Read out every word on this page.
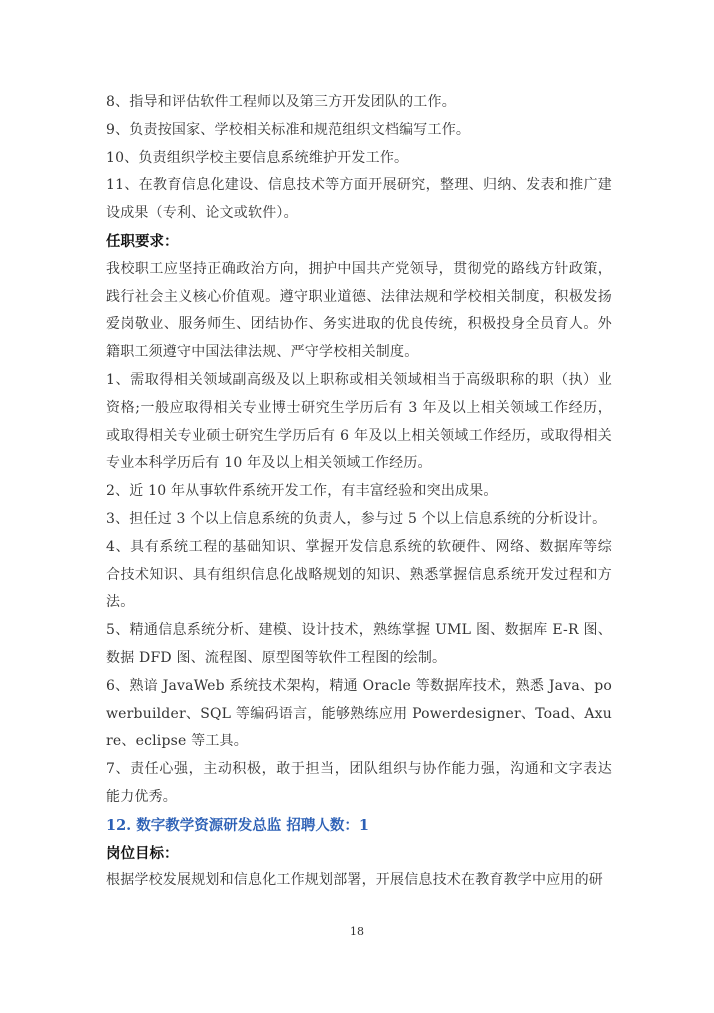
8、指导和评估软件工程师以及第三方开发团队的工作。

9、负责按国家、学校相关标准和规范组织文档编写工作。

10、负责组织学校主要信息系统维护开发工作。

11、在教育信息化建设、信息技术等方面开展研究，整理、归纳、发表和推广建设成果（专利、论文或软件）。

任职要求：

我校职工应坚持正确政治方向，拥护中国共产党领导，贯彻党的路线方针政策，践行社会主义核心价值观。遵守职业道德、法律法规和学校相关制度，积极发扬爱岗敬业、服务师生、团结协作、务实进取的优良传统，积极投身全员育人。外籍职工须遵守中国法律法规、严守学校相关制度。

1、需取得相关领域副高级及以上职称或相关领域相当于高级职称的职（执）业资格;一般应取得相关专业博士研究生学历后有 3 年及以上相关领域工作经历，或取得相关专业硕士研究生学历后有 6 年及以上相关领域工作经历，或取得相关专业本科学历后有 10 年及以上相关领域工作经历。

2、近 10 年从事软件系统开发工作，有丰富经验和突出成果。

3、担任过 3 个以上信息系统的负责人，参与过 5 个以上信息系统的分析设计。

4、具有系统工程的基础知识、掌握开发信息系统的软硬件、网络、数据库等综合技术知识、具有组织信息化战略规划的知识、熟悉掌握信息系统开发过程和方法。

5、精通信息系统分析、建模、设计技术，熟练掌握 UML 图、数据库 E-R 图、数据 DFD 图、流程图、原型图等软件工程图的绘制。

6、熟谙 JavaWeb 系统技术架构，精通 Oracle 等数据库技术，熟悉 Java、powerbuilder、SQL 等编码语言，能够熟练应用 Powerdesigner、Toad、Axure、eclipse 等工具。

7、责任心强，主动积极，敢于担当，团队组织与协作能力强，沟通和文字表达能力优秀。

12. 数字教学资源研发总监 招聘人数：1

岗位目标：

根据学校发展规划和信息化工作规划部署，开展信息技术在教育教学中应用的研

18
